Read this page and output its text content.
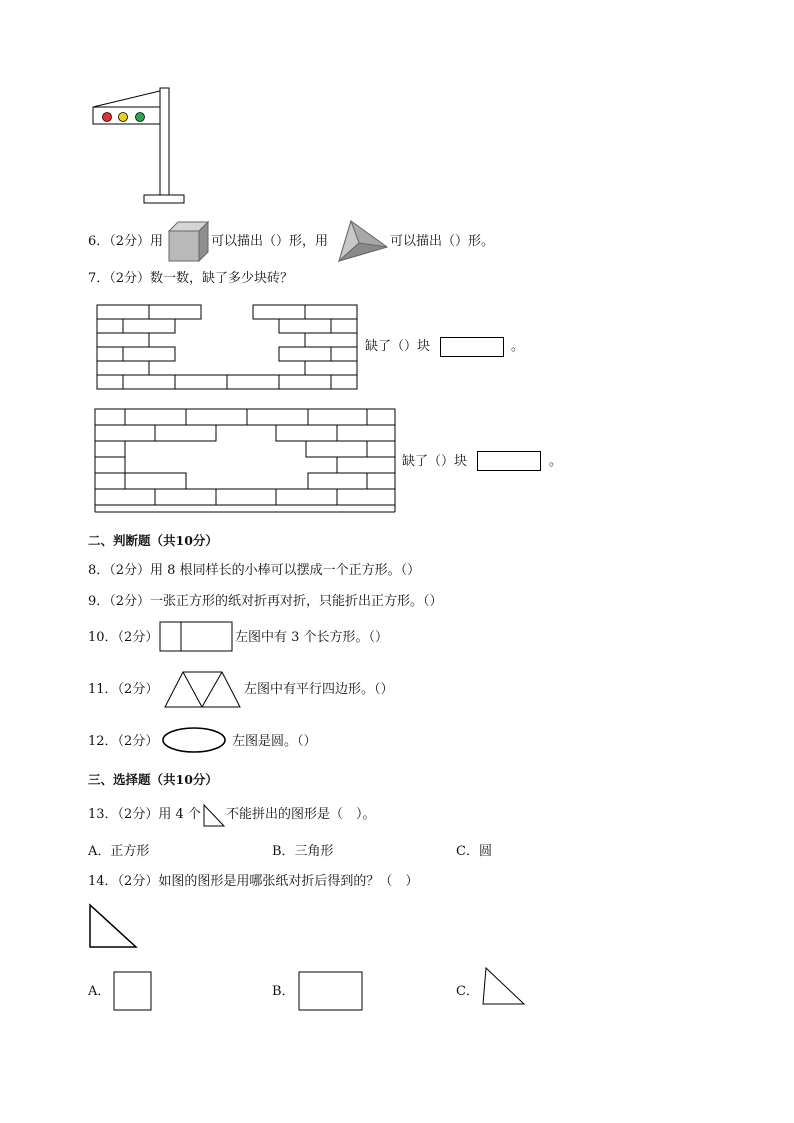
6．（2分）用	可以描出（）形，用	可以描出（）形。
7．（2分）数一数，缺了多少块砖？
缺了（）块	。
缺了（）块	。
二、判断题（共10分）
8．（2分）用 8 根同样长的小棒可以摆成一个正方形。（）
9．（2分）一张正方形的纸对折再对折，只能折出正方形。（）
10．（2分）	左图中有 3 个长方形。（）
11．（2分）	左图中有平行四边形。（）
12．（2分）	左图是圆。（）
三、选择题（共10分）
13．（2分）用 4 个 不能拼出的图形是（　）。
A．正方形	B．三角形	C．圆
14．（2分）如图的图形是用哪张纸对折后得到的？（　）
A．	B．	C．
